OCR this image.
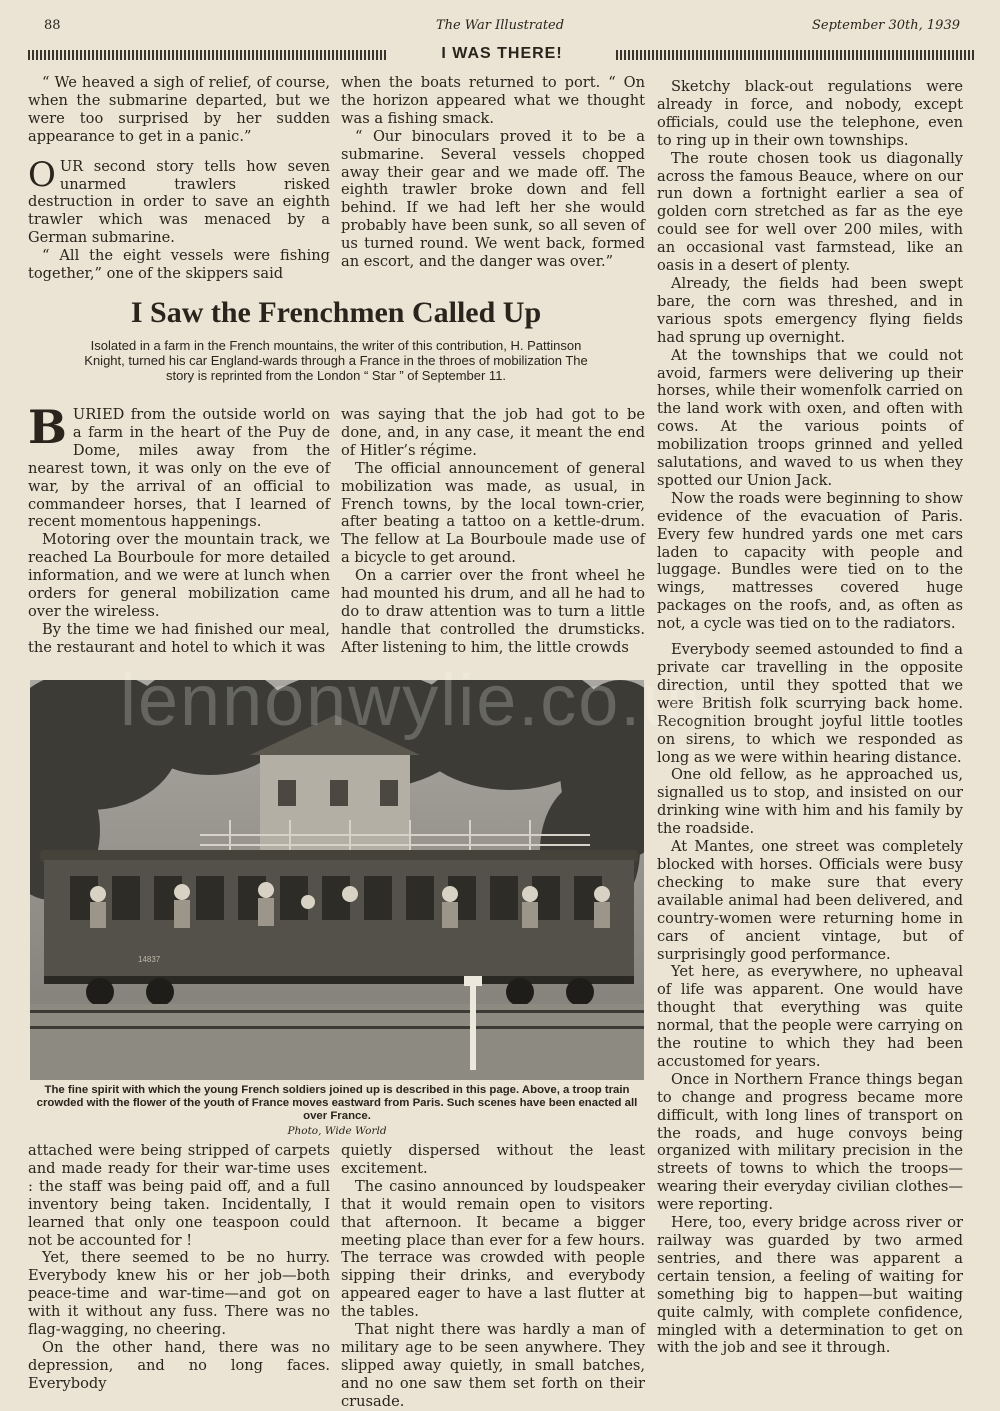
88	The War Illustrated	September 30th, 1939
I WAS THERE!

“ We heaved a sigh of relief, of course, when the submarine departed, but we were too surprised by her sudden appearance to get in a panic.”

OUR second story tells how seven unarmed trawlers risked destruction in order to save an eighth trawler which was menaced by a German submarine.

“ All the eight vessels were fishing together,” one of the skippers said

when the boats returned to port. “ On the horizon appeared what we thought was a fishing smack.

“ Our binoculars proved it to be a submarine. Several vessels chopped away their gear and we made off. The eighth trawler broke down and fell behind. If we had left her she would probably have been sunk, so all seven of us turned round. We went back, formed an escort, and the danger was over.”

I Saw the Frenchmen Called Up
Isolated in a farm in the French mountains, the writer of this contribution, H. Pattinson Knight, turned his car England-wards through a France in the throes of mobilization The story is reprinted from the London “ Star ” of September 11.

BURIED from the outside world on a farm in the heart of the Puy de Dome, miles away from the nearest town, it was only on the eve of war, by the arrival of an official to commandeer horses, that I learned of recent momentous happenings.

Motoring over the mountain track, we reached La Bourboule for more detailed information, and we were at lunch when orders for general mobilization came over the wireless.

By the time we had finished our meal, the restaurant and hotel to which it was

was saying that the job had got to be done, and, in any case, it meant the end of Hitler’s régime.

The official announcement of general mobilization was made, as usual, in French towns, by the local town-crier, after beating a tattoo on a kettle-drum. The fellow at La Bourboule made use of a bicycle to get around.

On a carrier over the front wheel he had mounted his drum, and all he had to do to draw attention was to turn a little handle that controlled the drumsticks. After listening to him, the little crowds

Sketchy black-out regulations were already in force, and nobody, except officials, could use the telephone, even to ring up in their own townships.

The route chosen took us diagonally across the famous Beauce, where on our run down a fortnight earlier a sea of golden corn stretched as far as the eye could see for well over 200 miles, with an occasional vast farmstead, like an oasis in a desert of plenty.

Already, the fields had been swept bare, the corn was threshed, and in various spots emergency flying fields had sprung up overnight.

At the townships that we could not avoid, farmers were delivering up their horses, while their womenfolk carried on the land work with oxen, and often with cows. At the various points of mobilization troops grinned and yelled salutations, and waved to us when they spotted our Union Jack.

Now the roads were beginning to show evidence of the evacuation of Paris. Every few hundred yards one met cars laden to capacity with people and luggage. Bundles were tied on to the wings, mattresses covered huge packages on the roofs, and, as often as not, a cycle was tied on to the radiators.

Everybody seemed astounded to find a private car travelling in the opposite direction, until they spotted that we were British folk scurrying back home. Recognition brought joyful little tootles on sirens, to which we responded as long as we were within hearing distance.

One old fellow, as he approached us, signalled us to stop, and insisted on our drinking wine with him and his family by the roadside.

At Mantes, one street was completely blocked with horses. Officials were busy checking to make sure that every available animal had been delivered, and country-women were returning home in cars of ancient vintage, but of surprisingly good performance.

Yet here, as everywhere, no upheaval of life was apparent. One would have thought that everything was quite normal, that the people were carrying on the routine to which they had been accustomed for years.

Once in Northern France things began to change and progress became more difficult, with long lines of transport on the roads, and huge convoys being organized with military precision in the streets of towns to which the troops—wearing their everyday civilian clothes—were reporting.

Here, too, every bridge across river or railway was guarded by two armed sentries, and there was apparent a certain tension, a feeling of waiting for something big to happen—but waiting quite calmly, with complete confidence, mingled with a determination to get on with the job and see it through.

14837
lennonwylie.co.uk
The fine spirit with which the young French soldiers joined up is described in this page. Above, a troop train crowded with the flower of the youth of France moves eastward from Paris. Such scenes have been enacted all over France.
Photo, Wide World

attached were being stripped of carpets and made ready for their war-time uses : the staff was being paid off, and a full inventory being taken. Incidentally, I learned that only one teaspoon could not be accounted for !

Yet, there seemed to be no hurry. Everybody knew his or her job—both peace-time and war-time—and got on with it without any fuss. There was no flag-wagging, no cheering.

On the other hand, there was no depression, and no long faces. Everybody

quietly dispersed without the least excitement.

The casino announced by loudspeaker that it would remain open to visitors that afternoon. It became a bigger meeting place than ever for a few hours. The terrace was crowded with people sipping their drinks, and everybody appeared eager to have a last flutter at the tables.

That night there was hardly a man of military age to be seen anywhere. They slipped away quietly, in small batches, and no one saw them set forth on their crusade.
